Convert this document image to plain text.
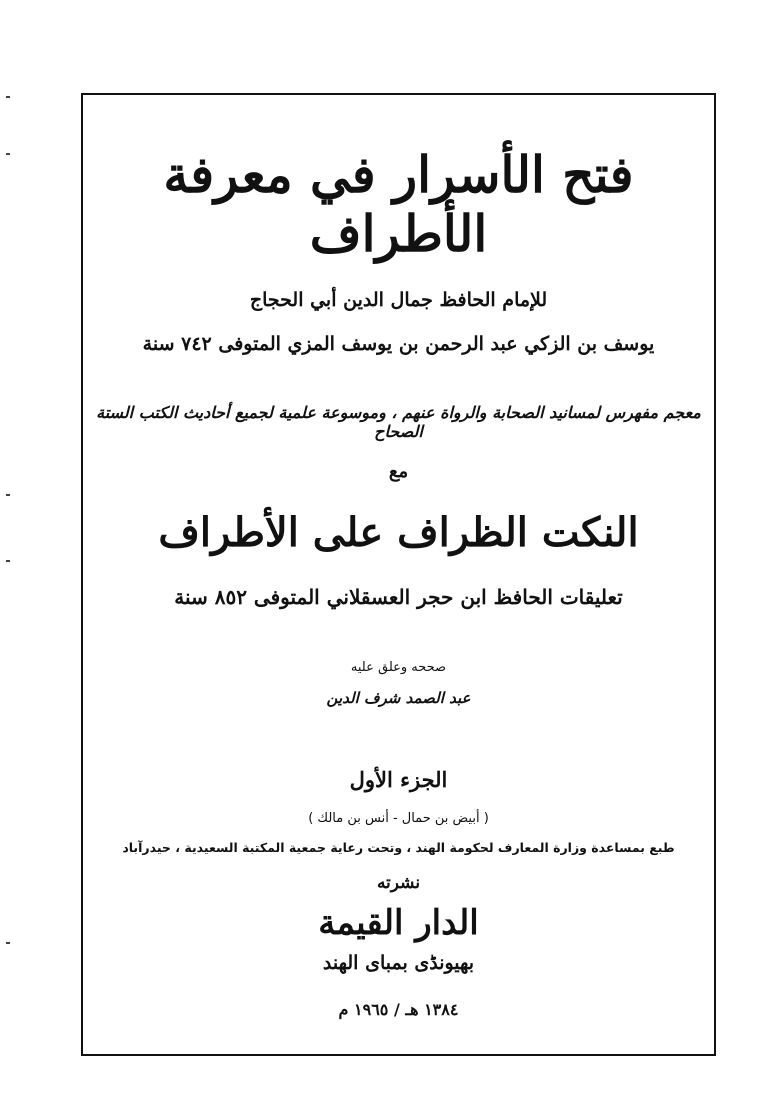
فتح الأسرار في معرفة الأطراف

للإمام الحافظ جمال الدين أبي الحجاج

يوسف بن الزكي عبد الرحمن بن يوسف المزي المتوفى ٧٤٢ سنة

معجم مفهرس لمسانيد الصحابة والرواة عنهم ، وموسوعة علمية لجميع أحاديث الكتب الستة الصحاح

مع

النكت الظراف على الأطراف

تعليقات الحافظ ابن حجر العسقلاني المتوفى ٨٥٢ سنة

صححه وعلق عليه

عبد الصمد شرف الدين

الجزء الأول

( أبيض بن حمال - أنس بن مالك )

طبع بمساعدة وزارة المعارف لحكومة الهند ، وتحت رعاية جمعية المكتبة السعيدية ، حيدرآباد

نشرته

الدار القيمة

بهيونڈی بمبای الهند

١٣٨٤ هـ / ١٩٦٥ م
